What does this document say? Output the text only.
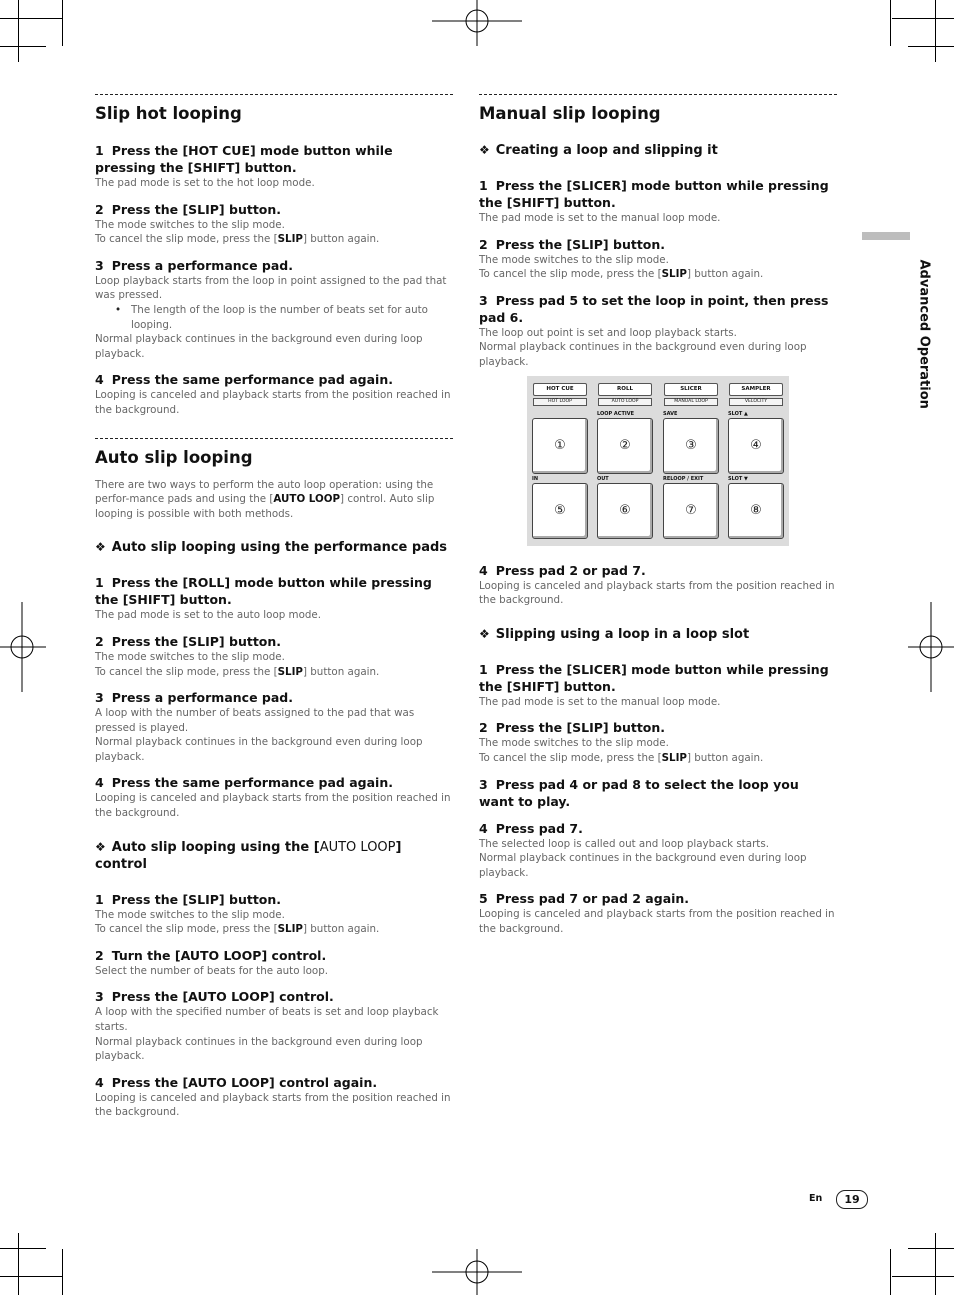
Slip hot looping
1 Press the [HOT CUE] mode button while pressing the [SHIFT] button.
The pad mode is set to the hot loop mode.
2 Press the [SLIP] button.
The mode switches to the slip mode.
To cancel the slip mode, press the [SLIP] button again.
3 Press a performance pad.
Loop playback starts from the loop in point assigned to the pad that was pressed.
• The length of the loop is the number of beats set for auto looping.
Normal playback continues in the background even during loop playback.
4 Press the same performance pad again.
Looping is canceled and playback starts from the position reached in the background.
Auto slip looping
There are two ways to perform the auto loop operation: using the perfor-mance pads and using the [AUTO LOOP] control. Auto slip looping is possible with both methods.
❖ Auto slip looping using the performance pads
1 Press the [ROLL] mode button while pressing the [SHIFT] button.
The pad mode is set to the auto loop mode.
2 Press the [SLIP] button.
The mode switches to the slip mode.
To cancel the slip mode, press the [SLIP] button again.
3 Press a performance pad.
A loop with the number of beats assigned to the pad that was pressed is played.
Normal playback continues in the background even during loop playback.
4 Press the same performance pad again.
Looping is canceled and playback starts from the position reached in the background.
❖ Auto slip looping using the [AUTO LOOP] control
1 Press the [SLIP] button.
The mode switches to the slip mode.
To cancel the slip mode, press the [SLIP] button again.
2 Turn the [AUTO LOOP] control.
Select the number of beats for the auto loop.
3 Press the [AUTO LOOP] control.
A loop with the specified number of beats is set and loop playback starts.
Normal playback continues in the background even during loop playback.
4 Press the [AUTO LOOP] control again.
Looping is canceled and playback starts from the position reached in the background.
Manual slip looping
❖ Creating a loop and slipping it
1 Press the [SLICER] mode button while pressing the [SHIFT] button.
The pad mode is set to the manual loop mode.
2 Press the [SLIP] button.
The mode switches to the slip mode.
To cancel the slip mode, press the [SLIP] button again.
3 Press pad 5 to set the loop in point, then press pad 6.
The loop out point is set and loop playback starts.
Normal playback continues in the background even during loop playback.
HOT CUE	ROLL	SLICER	SAMPLER
HOT LOOP	AUTO LOOP	MANUAL LOOP	VELOCITY
LOOP ACTIVE	SAVE	SLOT ▲
①	②	③	④
IN	OUT	RELOOP / EXIT	SLOT ▼
⑤	⑥	⑦	⑧
4 Press pad 2 or pad 7.
Looping is canceled and playback starts from the position reached in the background.
❖ Slipping using a loop in a loop slot
1 Press the [SLICER] mode button while pressing the [SHIFT] button.
The pad mode is set to the manual loop mode.
2 Press the [SLIP] button.
The mode switches to the slip mode.
To cancel the slip mode, press the [SLIP] button again.
3 Press pad 4 or pad 8 to select the loop you want to play.
4 Press pad 7.
The selected loop is called out and loop playback starts.
Normal playback continues in the background even during loop playback.
5 Press pad 7 or pad 2 again.
Looping is canceled and playback starts from the position reached in the background.
Advanced Operation
En	19
